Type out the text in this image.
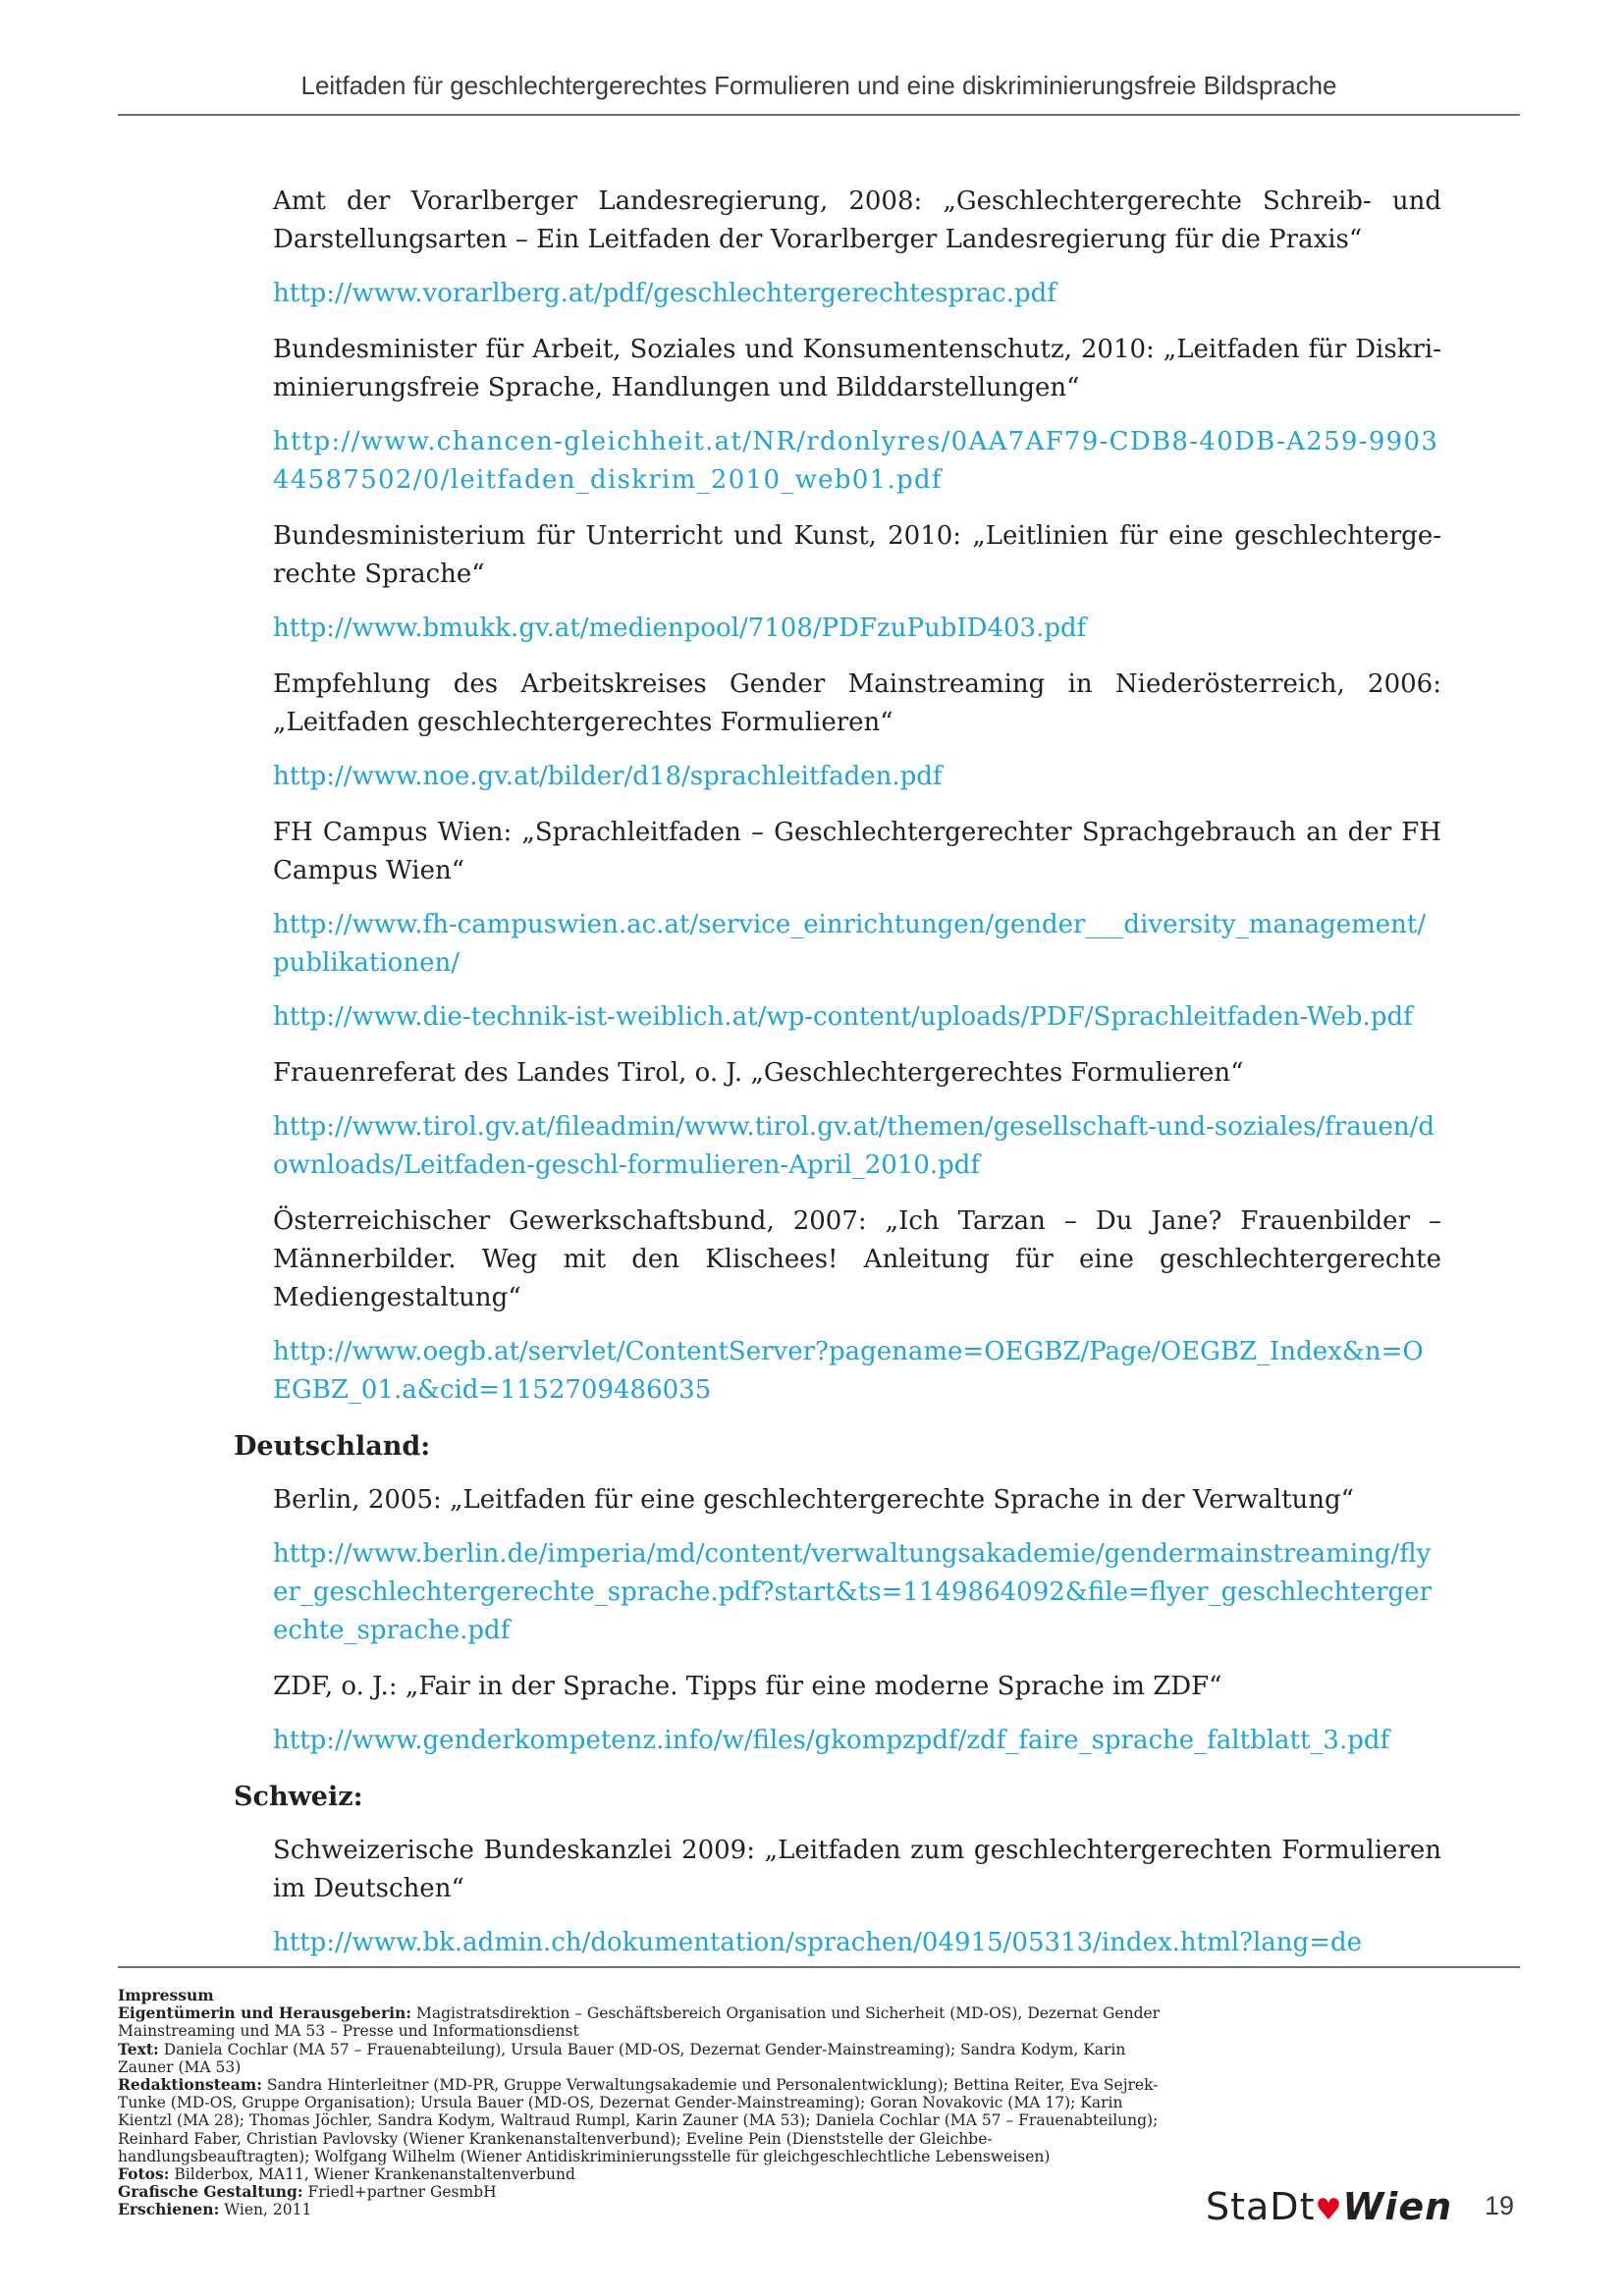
Leitfaden für geschlechtergerechtes Formulieren und eine diskriminierungsfreie Bildsprache

Amt der Vorarlberger Landesregierung, 2008: „Geschlechtergerechte Schreib- und Darstellungsarten – Ein Leitfaden der Vorarlberger Landesregierung für die Praxis“

http://www.vorarlberg.at/pdf/geschlechtergerechtesprac.pdf

Bundesminister für Arbeit, Soziales und Konsumentenschutz, 2010: „Leitfaden für Diskriminierungsfreie Sprache, Handlungen und Bilddarstellungen“

http://www.chancen-gleichheit.at/NR/rdonlyres/0AA7AF79-CDB8-40DB-A259-990344587502/0/leitfaden_diskrim_2010_web01.pdf

Bundesministerium für Unterricht und Kunst, 2010: „Leitlinien für eine geschlechtergerechte Sprache“

http://www.bmukk.gv.at/medienpool/7108/PDFzuPubID403.pdf

Empfehlung des Arbeitskreises Gender Mainstreaming in Niederösterreich, 2006: „Leitfaden geschlechtergerechtes Formulieren“

http://www.noe.gv.at/bilder/d18/sprachleitfaden.pdf

FH Campus Wien: „Sprachleitfaden – Geschlechtergerechter Sprachgebrauch an der FH Campus Wien“

http://www.fh-campuswien.ac.at/service_einrichtungen/gender___diversity_management/publikationen/
http://www.die-technik-ist-weiblich.at/wp-content/uploads/PDF/Sprachleitfaden-Web.pdf

Frauenreferat des Landes Tirol, o. J. „Geschlechtergerechtes Formulieren“

http://www.tirol.gv.at/fileadmin/www.tirol.gv.at/themen/gesellschaft-und-soziales/frauen/downloads/Leitfaden-geschl-formulieren-April_2010.pdf

Österreichischer Gewerkschaftsbund, 2007: „Ich Tarzan – Du Jane? Frauenbilder – Männerbilder. Weg mit den Klischees! Anleitung für eine geschlechtergerechte Mediengestaltung“

http://www.oegb.at/servlet/ContentServer?pagename=OEGBZ/Page/OEGBZ_Index&n=OEGBZ_01.a&cid=1152709486035

Deutschland:

Berlin, 2005: „Leitfaden für eine geschlechtergerechte Sprache in der Verwaltung“

http://www.berlin.de/imperia/md/content/verwaltungsakademie/gendermainstreaming/flyer_geschlechtergerechte_sprache.pdf?start&ts=1149864092&file=flyer_geschlechtergerechte_sprache.pdf

ZDF, o. J.: „Fair in der Sprache. Tipps für eine moderne Sprache im ZDF“

http://www.genderkompetenz.info/w/files/gkompzpdf/zdf_faire_sprache_faltblatt_3.pdf

Schweiz:

Schweizerische Bundeskanzlei 2009: „Leitfaden zum geschlechtergerechten Formulieren im Deutschen“

http://www.bk.admin.ch/dokumentation/sprachen/04915/05313/index.html?lang=de
Impressum
Eigentümerin und Herausgeberin: Magistratsdirektion – Geschäftsbereich Organisation und Sicherheit (MD-OS), Dezernat Gender Mainstreaming und MA 53 – Presse und Informationsdienst
Text: Daniela Cochlar (MA 57 – Frauenabteilung), Ursula Bauer (MD-OS, Dezernat Gender-Mainstreaming); Sandra Kodym, Karin Zauner (MA 53)
Redaktionsteam: Sandra Hinterleitner (MD-PR, Gruppe Verwaltungsakademie und Personalentwicklung); Bettina Reiter, Eva Sejrek-Tunke (MD-OS, Gruppe Organisation); Ursula Bauer (MD-OS, Dezernat Gender-Mainstreaming); Goran Novakovic (MA 17); Karin Kientzl (MA 28); Thomas Jöchler, Sandra Kodym, Waltraud Rumpl, Karin Zauner (MA 53); Daniela Cochlar (MA 57 – Frauenabteilung); Reinhard Faber, Christian Pavlovsky (Wiener Krankenanstaltenverbund); Eveline Pein (Dienststelle der Gleichbehandlungsbeauftragten); Wolfgang Wilhelm (Wiener Antidiskriminierungsstelle für gleichgeschlechtliche Lebensweisen)
Fotos: Bilderbox, MA11, Wiener Krankenanstaltenverbund
Grafische Gestaltung: Friedl+partner GesmbH
Erschienen: Wien, 2011	StaDt♥Wien 19
